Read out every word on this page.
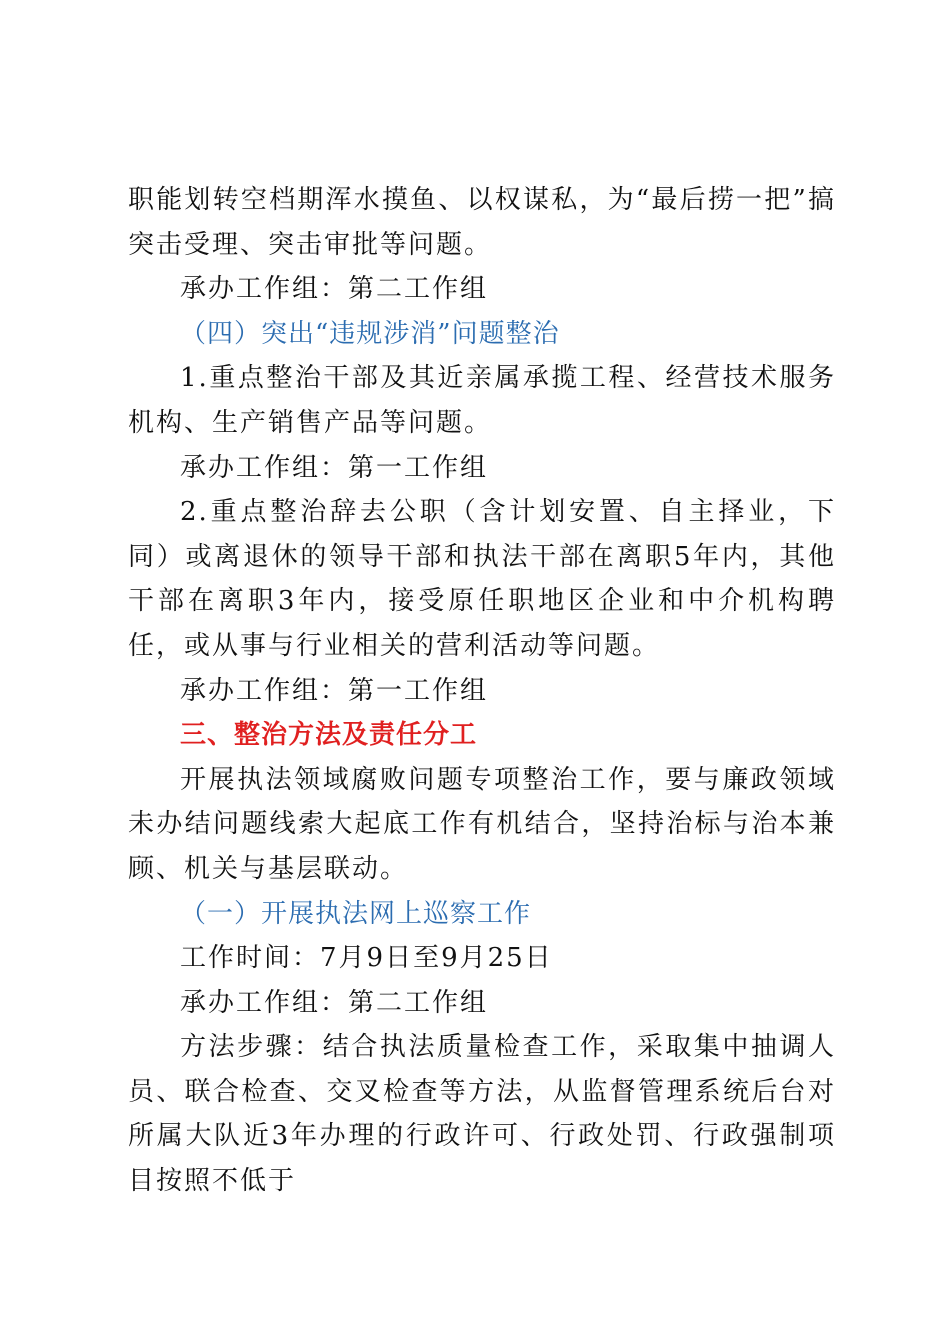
职能划转空档期浑水摸鱼、以权谋私，为“最后捞一把”搞突击受理、突击审批等问题。

承办工作组：第二工作组

（四）突出“违规涉消”问题整治

1.重点整治干部及其近亲属承揽工程、经营技术服务机构、生产销售产品等问题。

承办工作组：第一工作组

2.重点整治辞去公职（含计划安置、自主择业，下同）或离退休的领导干部和执法干部在离职5年内，其他干部在离职3年内，接受原任职地区企业和中介机构聘任，或从事与行业相关的营利活动等问题。

承办工作组：第一工作组

三、整治方法及责任分工

开展执法领域腐败问题专项整治工作，要与廉政领域未办结问题线索大起底工作有机结合，坚持治标与治本兼顾、机关与基层联动。

（一）开展执法网上巡察工作

工作时间：7月9日至9月25日

承办工作组：第二工作组

方法步骤：结合执法质量检查工作，采取集中抽调人员、联合检查、交叉检查等方法，从监督管理系统后台对所属大队近3年办理的行政许可、行政处罚、行政强制项目按照不低于
